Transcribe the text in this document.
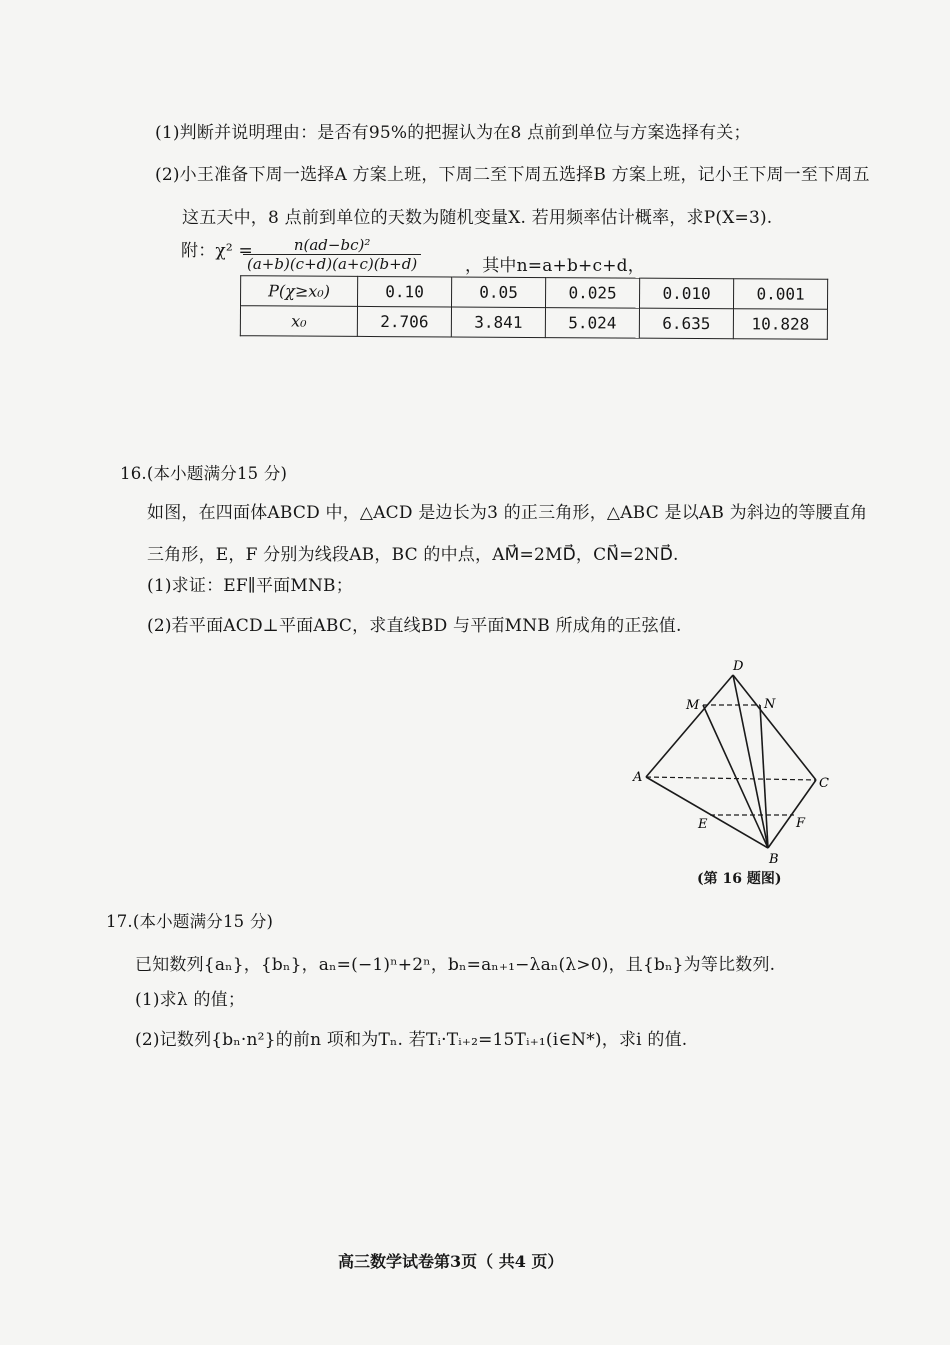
(1)判断并说明理由：是否有95%的把握认为在8 点前到单位与方案选择有关；
(2)小王准备下周一选择A 方案上班，下周二至下周五选择B 方案上班，记小王下周一至下周五
这五天中，8 点前到单位的天数为随机变量X. 若用频率估计概率，求P(X=3).
附：χ² =
$\frac{\text{n(ad−bc)²}}{(a+b)(c+d)(a+c)(b+d)}$	，其中n=a+b+c+d，
P(χ≥x₀)	0.10	0.05	0.025	0.010	0.001
x₀	2.706	3.841	5.024	6.635	10.828
16.(本小题满分15 分)
如图，在四面体ABCD 中，△ACD 是边长为3 的正三角形，△ABC 是以AB 为斜边的等腰直角
三角形，E，F 分别为线段AB，BC 的中点，AM⃗=2MD⃗，CN⃗=2ND⃗.
(1)求证：EF∥平面MNB；
(2)若平面ACD⊥平面ABC，求直线BD 与平面MNB 所成角的正弦值.
D
M	N
A	C
E	F
B
(第 16 题图)
17.(本小题满分15 分)
已知数列{aₙ}，{bₙ}，aₙ=(−1)ⁿ+2ⁿ，bₙ=aₙ₊₁−λaₙ(λ>0)，且{bₙ}为等比数列.
(1)求λ 的值；
(2)记数列{bₙ·n²}的前n 项和为Tₙ. 若Tᵢ·Tᵢ₊₂=15Tᵢ₊₁(i∈N*)，求i 的值.
高三数学试卷第3页（ 共4 页）
